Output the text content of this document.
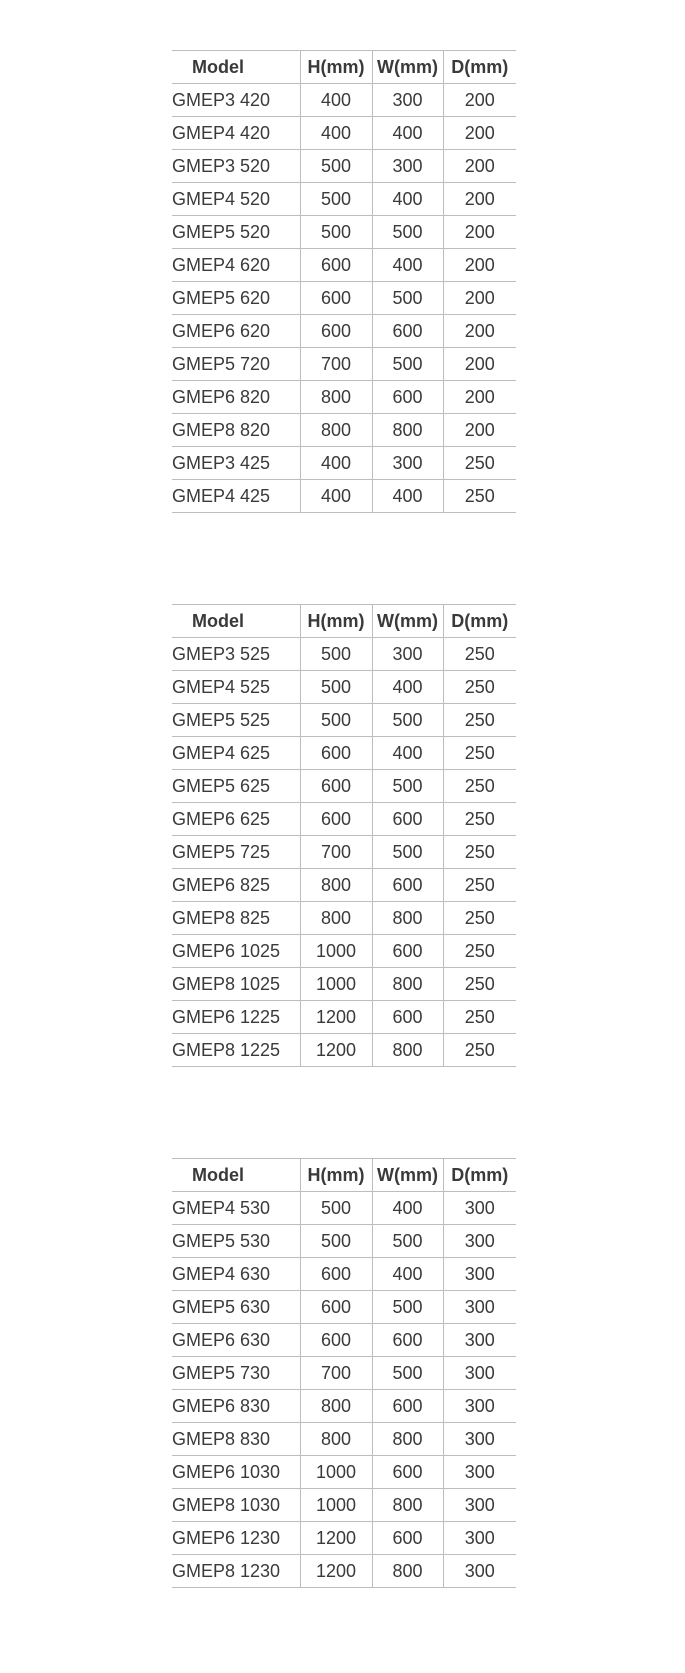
Model	H(mm)	W(mm)	D(mm)
GMEP3 420	400	300	200
GMEP4 420	400	400	200
GMEP3 520	500	300	200
GMEP4 520	500	400	200
GMEP5 520	500	500	200
GMEP4 620	600	400	200
GMEP5 620	600	500	200
GMEP6 620	600	600	200
GMEP5 720	700	500	200
GMEP6 820	800	600	200
GMEP8 820	800	800	200
GMEP3 425	400	300	250
GMEP4 425	400	400	250
Model	H(mm)	W(mm)	D(mm)
GMEP3 525	500	300	250
GMEP4 525	500	400	250
GMEP5 525	500	500	250
GMEP4 625	600	400	250
GMEP5 625	600	500	250
GMEP6 625	600	600	250
GMEP5 725	700	500	250
GMEP6 825	800	600	250
GMEP8 825	800	800	250
GMEP6 1025	1000	600	250
GMEP8 1025	1000	800	250
GMEP6 1225	1200	600	250
GMEP8 1225	1200	800	250
Model	H(mm)	W(mm)	D(mm)
GMEP4 530	500	400	300
GMEP5 530	500	500	300
GMEP4 630	600	400	300
GMEP5 630	600	500	300
GMEP6 630	600	600	300
GMEP5 730	700	500	300
GMEP6 830	800	600	300
GMEP8 830	800	800	300
GMEP6 1030	1000	600	300
GMEP8 1030	1000	800	300
GMEP6 1230	1200	600	300
GMEP8 1230	1200	800	300
